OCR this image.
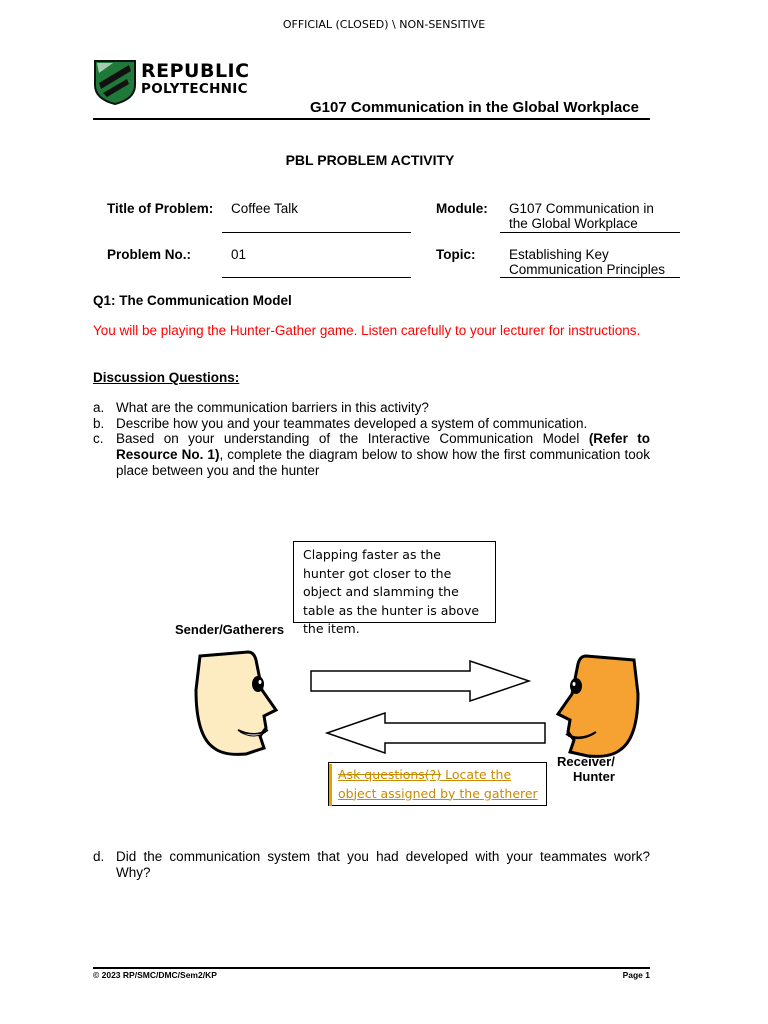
OFFICIAL (CLOSED) \ NON-SENSITIVE
REPUBLIC
POLYTECHNIC
G107 Communication in the Global Workplace
PBL PROBLEM ACTIVITY
Title of Problem: Coffee Talk	Module: G107 Communication in
the Global Workplace
Problem No.:	01	Topic: Establishing Key
Communication Principles
Q1: The Communication Model
You will be playing the Hunter-Gather game. Listen carefully to your lecturer for instructions.
Discussion Questions:
a. What are the communication barriers in this activity?
b. Describe how you and your teammates developed a system of communication.
c. Based on your understanding of the Interactive Communication Model (Refer to Resource No. 1), complete the diagram below to show how the first communication took place between you and the hunter
Clapping faster as the hunter got closer to the object and slamming the table as the hunter is above the item.
Sender/Gatherers
Receiver/
Hunter
Ask questions(?) Locate the object assigned by the gatherer
d. Did the communication system that you had developed with your teammates work? Why?
© 2023 RP/SMC/DMC/Sem2/KP	Page 1
